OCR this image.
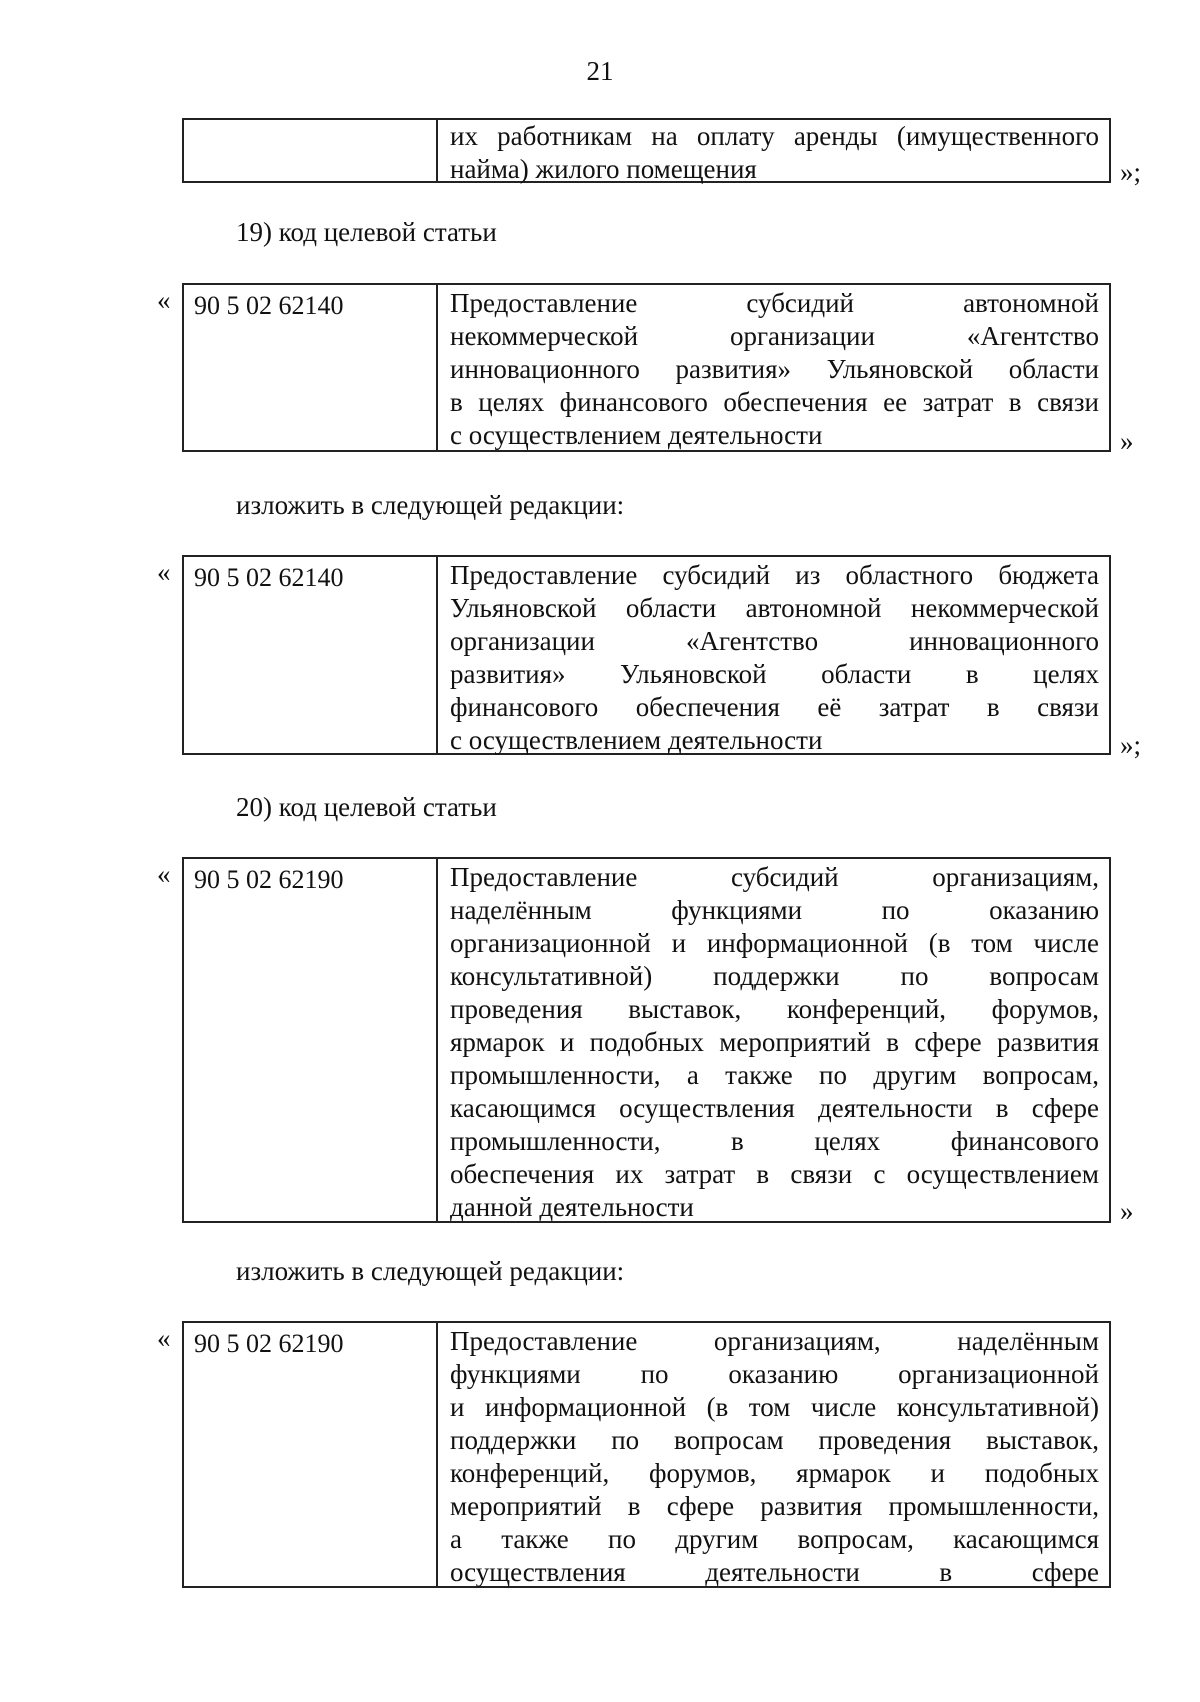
21
их работникам на оплату аренды (имущественного
найма) жилого помещения	»;
19) код целевой статьи
« 90 5 02 62140	Предоставление субсидий автономной
некоммерческой организации «Агентство
инновационного развития» Ульяновской области
в целях финансового обеспечения ее затрат в связи
с осуществлением деятельности	»
изложить в следующей редакции:
« 90 5 02 62140	Предоставление субсидий из областного бюджета
Ульяновской области автономной некоммерческой
организации «Агентство инновационного
развития» Ульяновской области в целях
финансового обеспечения её затрат в связи
с осуществлением деятельности	»;
20) код целевой статьи
« 90 5 02 62190	Предоставление субсидий организациям,
наделённым функциями по оказанию
организационной и информационной (в том числе
консультативной) поддержки по вопросам
проведения выставок, конференций, форумов,
ярмарок и подобных мероприятий в сфере развития
промышленности, а также по другим вопросам,
касающимся осуществления деятельности в сфере
промышленности, в целях финансового
обеспечения их затрат в связи с осуществлением
данной деятельности	»
изложить в следующей редакции:
« 90 5 02 62190	Предоставление организациям, наделённым
функциями по оказанию организационной
и информационной (в том числе консультативной)
поддержки по вопросам проведения выставок,
конференций, форумов, ярмарок и подобных
мероприятий в сфере развития промышленности,
а также по другим вопросам, касающимся
осуществления деятельности в сфере
